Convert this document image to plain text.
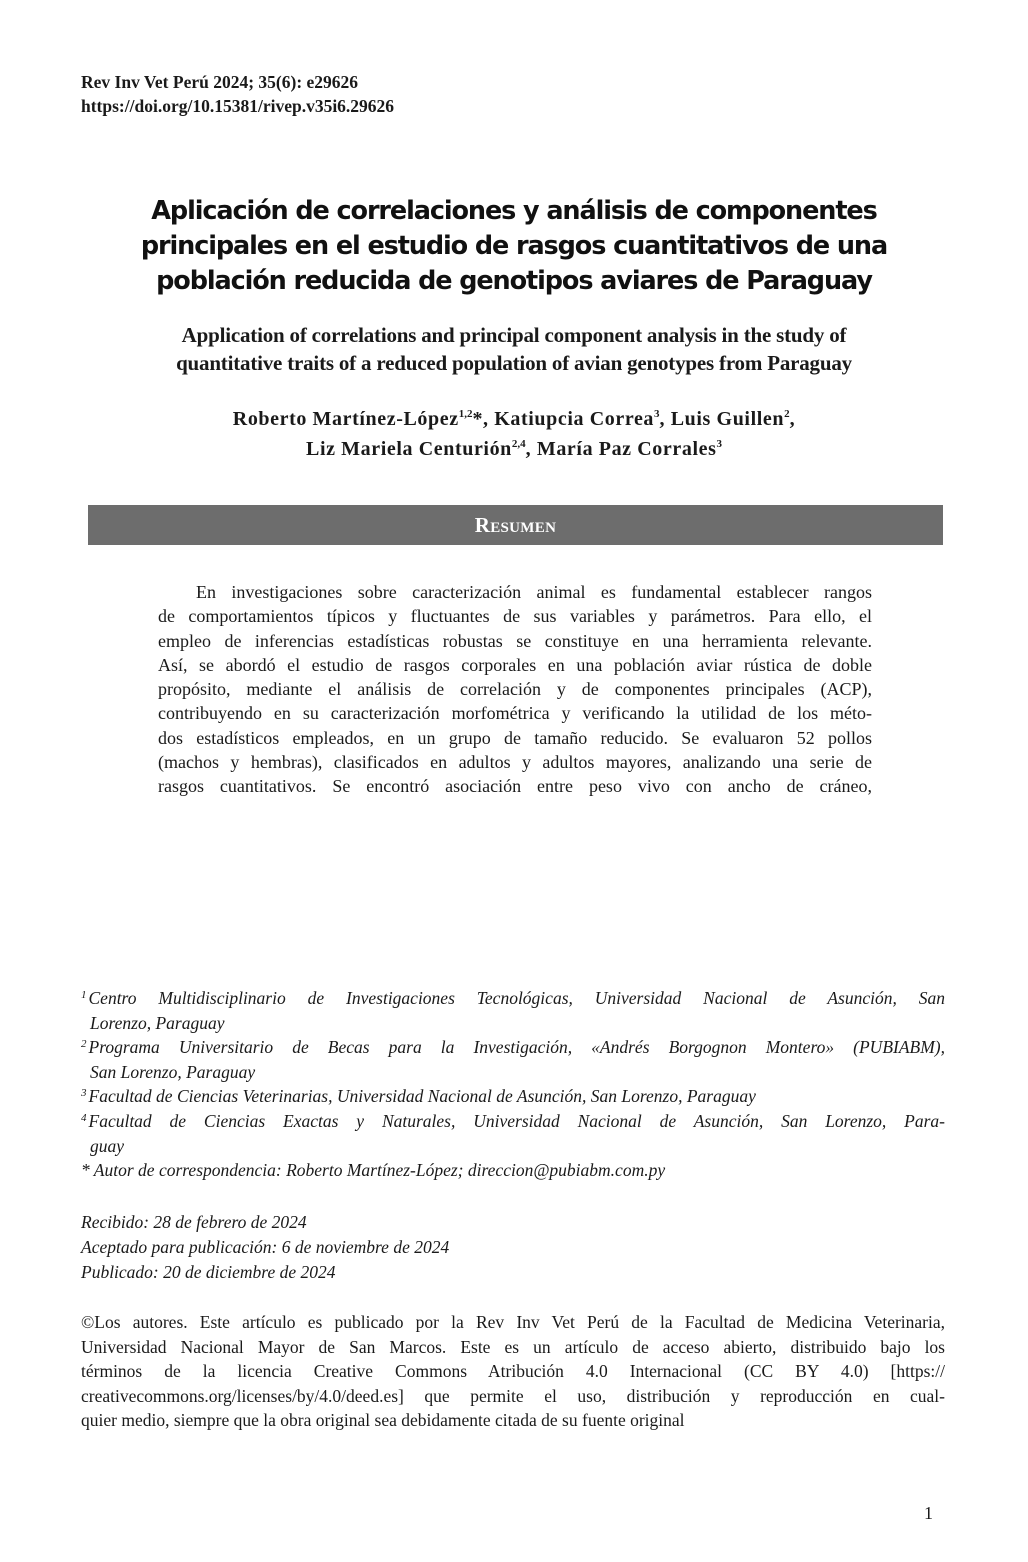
Rev Inv Vet Perú 2024; 35(6): e29626
https://doi.org/10.15381/rivep.v35i6.29626
Aplicación de correlaciones y análisis de componentes
principales en el estudio de rasgos cuantitativos de una
población reducida de genotipos aviares de Paraguay
Application of correlations and principal component analysis in the study of
quantitative traits of a reduced population of avian genotypes from Paraguay
Roberto Martínez-López$^{1,2}$*, Katiupcia Correa$^3$, Luis Guillen$^2$,
Liz Mariela Centurión$^{2,4}$, María Paz Corrales$^3$
Resumen
En investigaciones sobre caracterización animal es fundamental establecer rangos
de comportamientos típicos y fluctuantes de sus variables y parámetros. Para ello, el
empleo de inferencias estadísticas robustas se constituye en una herramienta relevante.
Así, se abordó el estudio de rasgos corporales en una población aviar rústica de doble
propósito, mediante el análisis de correlación y de componentes principales (ACP),
contribuyendo en su caracterización morfométrica y verificando la utilidad de los méto-
dos estadísticos empleados, en un grupo de tamaño reducido. Se evaluaron 52 pollos
(machos y hembras), clasificados en adultos y adultos mayores, analizando una serie de
rasgos cuantitativos. Se encontró asociación entre peso vivo con ancho de cráneo,
$^1$ Centro Multidisciplinario de Investigaciones Tecnológicas, Universidad Nacional de Asunción, San
Lorenzo, Paraguay
$^2$ Programa Universitario de Becas para la Investigación, «Andrés Borgognon Montero» (PUBIABM),
San Lorenzo, Paraguay
$^3$ Facultad de Ciencias Veterinarias, Universidad Nacional de Asunción, San Lorenzo, Paraguay
$^4$ Facultad de Ciencias Exactas y Naturales, Universidad Nacional de Asunción, San Lorenzo, Para-
guay
* Autor de correspondencia: Roberto Martínez-López; direccion@pubiabm.com.py
Recibido: 28 de febrero de 2024
Aceptado para publicación: 6 de noviembre de 2024
Publicado: 20 de diciembre de 2024
©Los autores. Este artículo es publicado por la Rev Inv Vet Perú de la Facultad de Medicina Veterinaria,
Universidad Nacional Mayor de San Marcos. Este es un artículo de acceso abierto, distribuido bajo los
términos de la licencia Creative Commons Atribución 4.0 Internacional (CC BY 4.0) [https://
creativecommons.org/licenses/by/4.0/deed.es] que permite el uso, distribución y reproducción en cual-
quier medio, siempre que la obra original sea debidamente citada de su fuente original
1
